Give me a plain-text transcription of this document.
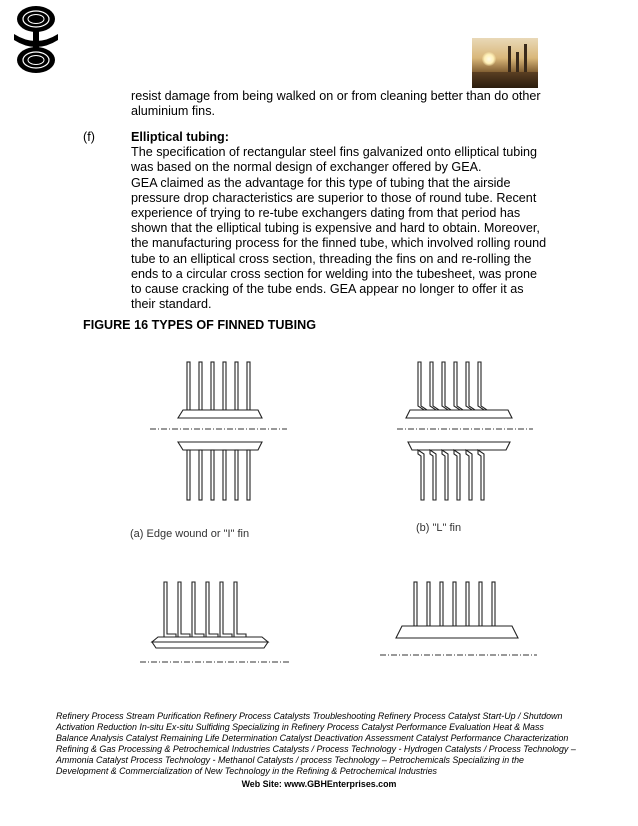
resist damage from being walked on or from cleaning better than do other aluminium fins.
(f)	Elliptical tubing:
The specification of rectangular steel fins galvanized onto elliptical tubing was based on the normal design of exchanger offered by GEA.
GEA claimed as the advantage for this type of tubing that the airside pressure drop characteristics are superior to those of round tube. Recent experience of trying to re-tube exchangers dating from that period has shown that the elliptical tubing is expensive and hard to obtain. Moreover, the manufacturing process for the finned tube, which involved rolling round tube to an elliptical cross section, threading the fins on and re-rolling the ends to a circular cross section for welding into the tubesheet, was prone to cause cracking of the tube ends. GEA appear no longer to offer it as their standard.
FIGURE 16 TYPES OF FINNED TUBING
(a) Edge wound or "I" fin	(b) "L" fin
Refinery Process Stream Purification Refinery Process Catalysts Troubleshooting Refinery Process Catalyst Start-Up / Shutdown Activation Reduction In-situ Ex-situ Sulfiding Specializing in Refinery Process Catalyst Performance Evaluation Heat & Mass Balance Analysis Catalyst Remaining Life Determination Catalyst Deactivation Assessment Catalyst Performance Characterization Refining & Gas Processing & Petrochemical Industries Catalysts / Process Technology - Hydrogen Catalysts / Process Technology – Ammonia Catalyst Process Technology - Methanol Catalysts / process Technology – Petrochemicals Specializing in the Development & Commercialization of New Technology in the Refining & Petrochemical Industries
Web Site: www.GBHEnterprises.com
